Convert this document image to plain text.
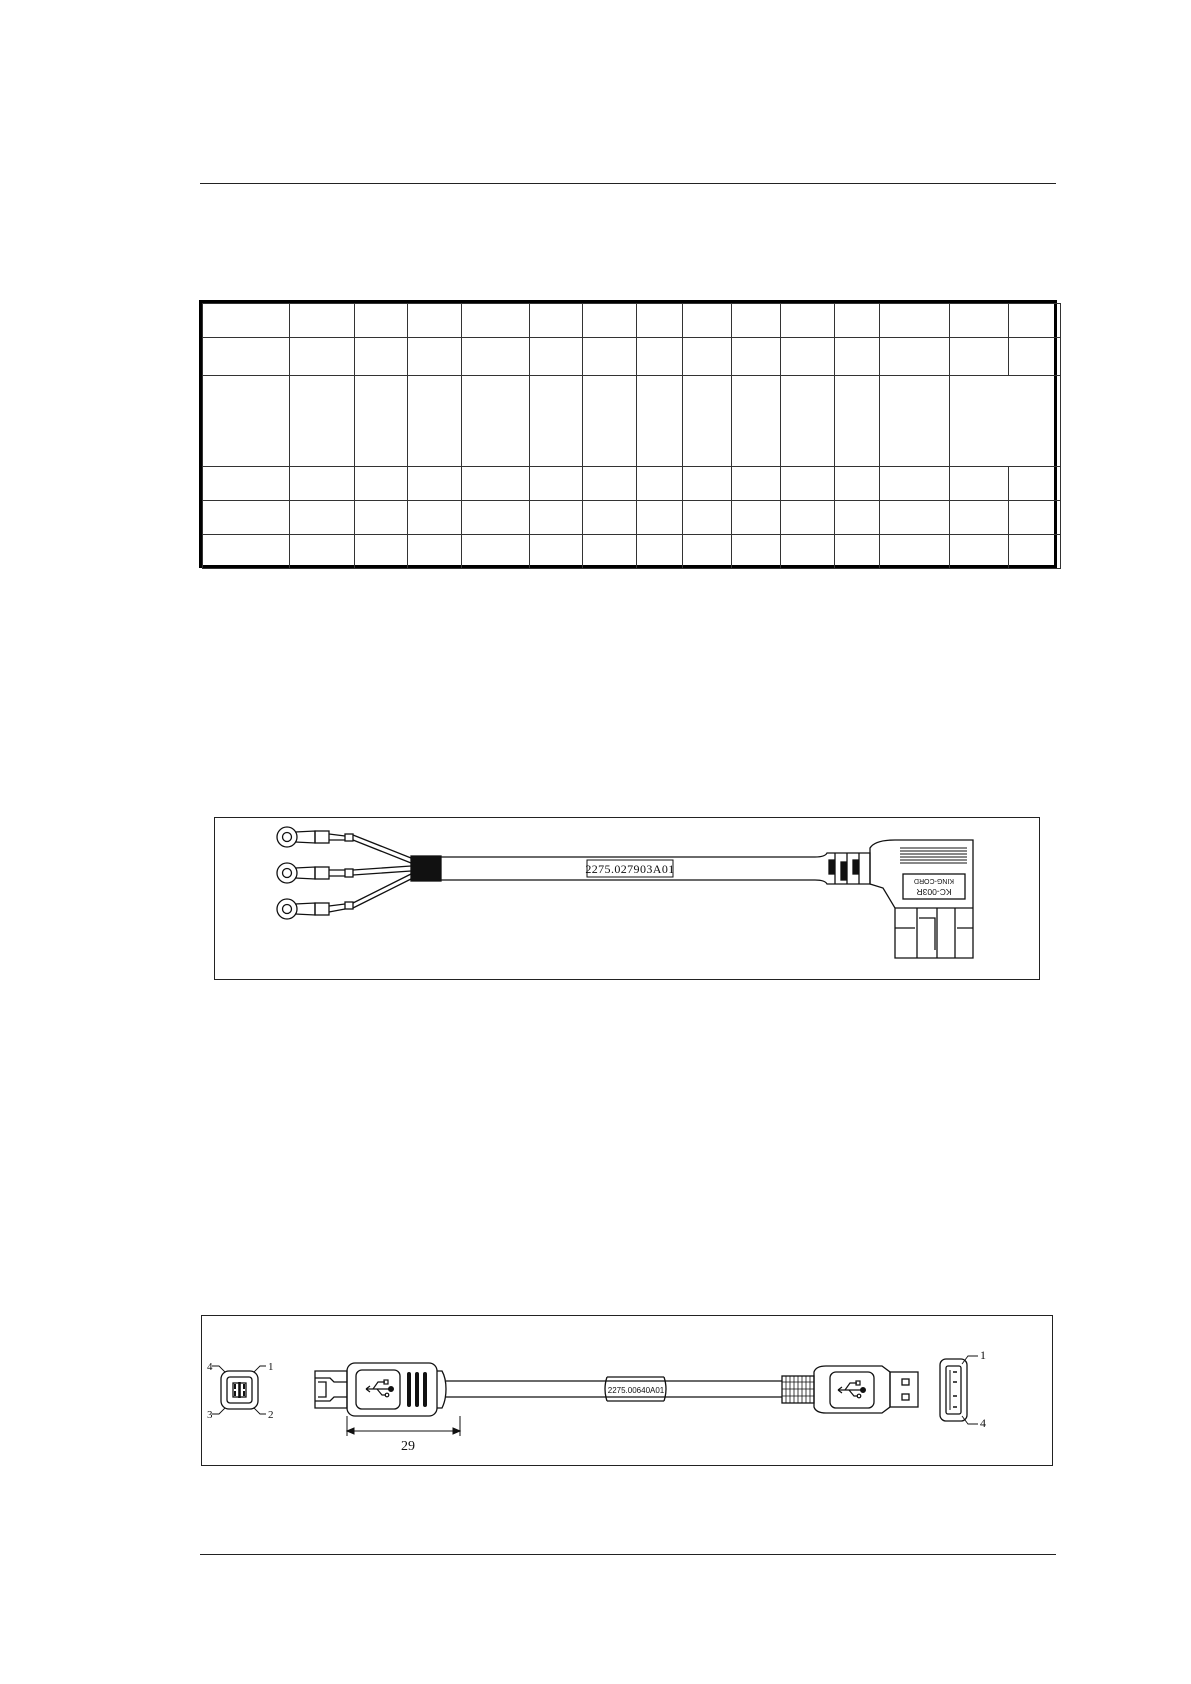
2275.027903A01
KC-003R
KING-CORD
29
2275.00640A01
4	1
3	2
1
4
